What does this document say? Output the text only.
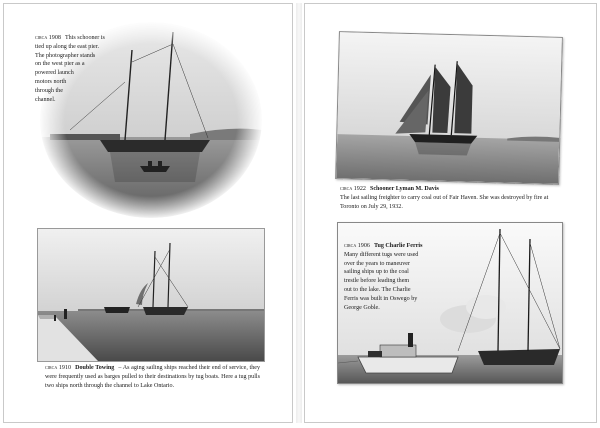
circa 1908 This schooner is
tied up along the east pier.
The photographer stands
on the west pier as a
powered launch
motors north
through the
channel.
circa 1910 Double Towing – As aging sailing ships reached their end of service, they were frequently used as barges pulled to their destinations by tug boats. Here a tug pulls two ships north through the channel to Lake Ontario.
circa 1922 Schooner Lyman M. Davis
The last sailing freighter to carry coal out of Fair Haven. She was destroyed by fire at Toronto on July 29, 1932.
circa 1906 Tug Charlie Ferris
Many different tugs were used
over the years to maneuver
sailing ships up to the coal
trestle before leading them
out to the lake. The Charlie
Ferris was built in Oswego by
George Goble.
